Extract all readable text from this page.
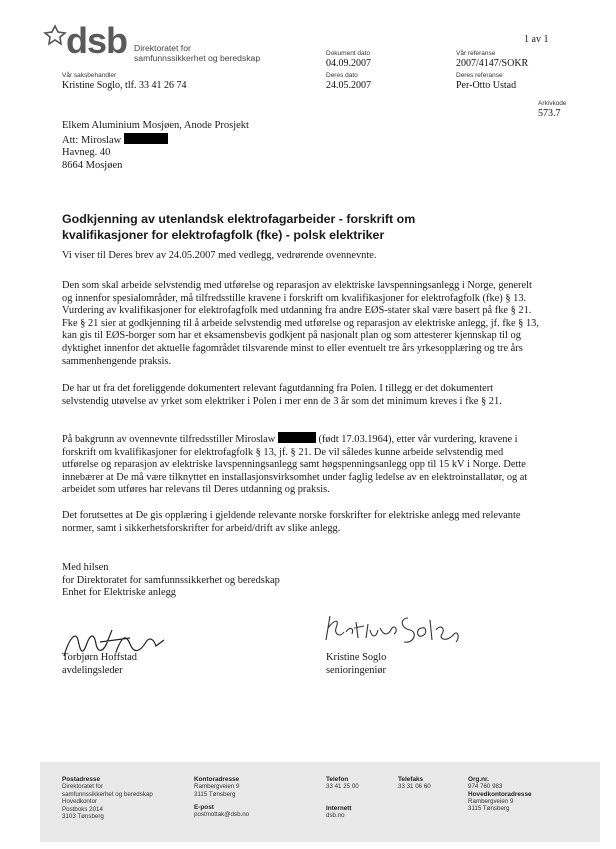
1 av 1
dsb Direktoratet for
samfunnssikkerhet og beredskap	Dokument dato
04.09.2007
Vår referanse
2007/4147/SOKR
Vår saksbehandler
Kristine Soglo, tlf. 33 41 26 74
Deres dato
24.05.2007
Deres referanse
Per-Otto Ustad
Arkivkode
573.7
Elkem Aluminium Mosjøen, Anode Prosjekt
Att: Miroslaw
Havneg. 40
8664 Mosjøen
Godkjenning av utenlandsk elektrofagarbeider - forskrift om kvalifikasjoner for elektrofagfolk (fke) - polsk elektriker
Vi viser til Deres brev av 24.05.2007 med vedlegg, vedrørende ovennevnte.
Den som skal arbeide selvstendig med utførelse og reparasjon av elektriske lavspenningsanlegg i Norge, generelt og innenfor spesialområder, må tilfredsstille kravene i forskrift om kvalifikasjoner for elektrofagfolk (fke) § 13. Vurdering av kvalifikasjoner for elektrofagfolk med utdanning fra andre EØS-stater skal være basert på fke § 21. Fke § 21 sier at godkjenning til å arbeide selvstendig med utførelse og reparasjon av elektriske anlegg, jf. fke § 13, kan gis til EØS-borger som har et eksamensbevis godkjent på nasjonalt plan og som attesterer kjennskap til og dyktighet innenfor det aktuelle fagområdet tilsvarende minst to eller eventuelt tre års yrkesopplæring og tre års sammenhengende praksis.
De har ut fra det foreliggende dokumentert relevant fagutdanning fra Polen. I tillegg er det dokumentert selvstendig utøvelse av yrket som elektriker i Polen i mer enn de 3 år som det minimum kreves i fke § 21.
På bakgrunn av ovennevnte tilfredsstiller Miroslaw	(født 17.03.1964), etter vår vurdering, kravene i forskrift om kvalifikasjoner for elektrofagfolk § 13, jf. § 21. De vil således kunne arbeide selvstendig med utførelse og reparasjon av elektriske lavspenningsanlegg samt høgspenningsanlegg opp til 15 kV i Norge. Dette innebærer at De må være tilknyttet en installasjonsvirksomhet under faglig ledelse av en elektroinstallatør, og at arbeidet som utføres har relevans til Deres utdanning og praksis.
Det forutsettes at De gis opplæring i gjeldende relevante norske forskrifter for elektriske anlegg med relevante normer, samt i sikkerhetsforskrifter for arbeid/drift av slike anlegg.
Med hilsen
for Direktoratet for samfunnssikkerhet og beredskap
Enhet for Elektriske anlegg
Torbjørn Hoffstad
avdelingsleder
Kristine Soglo
senioringeniør
Postadresse
Direktoratet for
samfunnssikkerhet og beredskap
Hovedkontor
Postboks 2014
3103 Tønsberg
Kontoradresse
Rambergveien 9
3115 Tønsberg
E-post
postmottak@dsb.no
Telefon
33 41 25 00
Internett
dsb.no
Telefaks
33 31 06 60
Org.nr.
974 760 983
Hovedkontoradresse
Rambergveien 9
3115 Tønsberg
